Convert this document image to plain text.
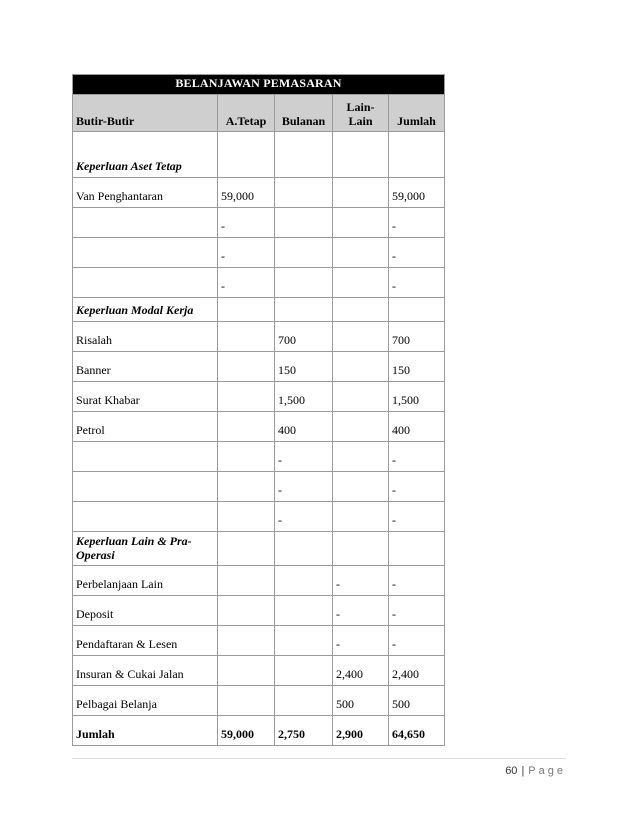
BELANJAWAN PEMASARAN				
Butir-Butir	A.Tetap	Bulanan	Lain-Lain	Jumlah
Keperluan Aset Tetap				
Van Penghantaran	59,000			59,000
	-			-
	-			-
	-			-
Keperluan Modal Kerja				
Risalah		700		700
Banner		150		150
Surat Khabar		1,500		1,500
Petrol		400		400
		-		-
		-		-
		-		-
Keperluan Lain & Pra-Operasi				
Perbelanjaan Lain			-	-
Deposit			-	-
Pendaftaran & Lesen			-	-
Insuran & Cukai Jalan			2,400	2,400
Pelbagai Belanja			500	500
Jumlah	59,000	2,750	2,900	64,650
60 | Page
